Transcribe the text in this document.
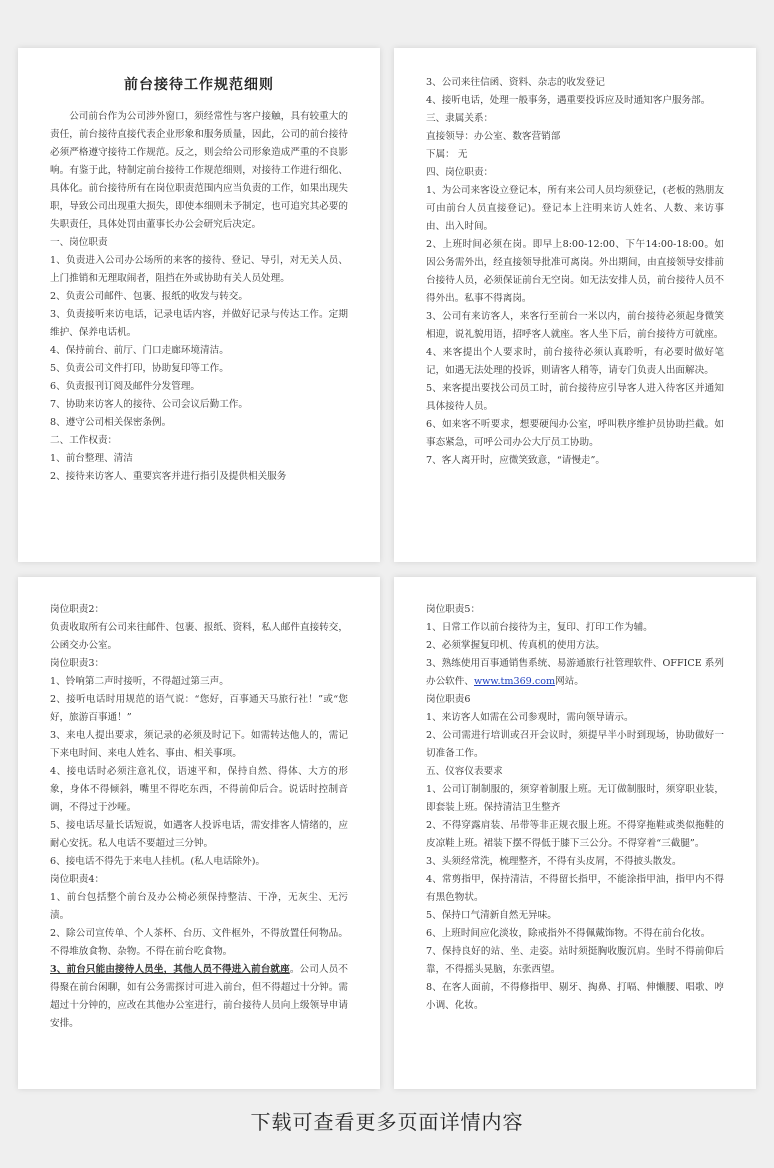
前台接待工作规范细则

公司前台作为公司涉外窗口，须经常性与客户接触，具有较重大的责任，前台接待直接代表企业形象和服务质量，因此，公司的前台接待必须严格遵守接待工作规范。反之，则会给公司形象造成严重的不良影响。有鉴于此，特制定前台接待工作规范细则，对接待工作进行细化、具体化。前台接待所有在岗位职责范围内应当负责的工作，如果出现失职，导致公司出现重大损失，即使本细则未予制定，也可追究其必要的失职责任，具体处罚由董事长办公会研究后决定。

一、岗位职责

1、负责进入公司办公场所的来客的接待、登记、导引，对无关人员、上门推销和无理取闹者，阻挡在外或协助有关人员处理。

2、负责公司邮件、包裹、报纸的收发与转交。

3、负责接听来访电话，记录电话内容，并做好记录与传达工作。定期维护、保养电话机。

4、保持前台、前厅、门口走廊环境清洁。

5、负责公司文件打印，协助复印等工作。

6、负责报刊订阅及邮件分发管理。

7、协助来访客人的接待、公司会议后勤工作。

8、遵守公司相关保密条例。

二、工作权责：

1、前台整理、清洁

2、接待来访客人、重要宾客并进行指引及提供相关服务

3、公司来往信函、资料、杂志的收发登记

4、接听电话，处理一般事务，遇重要投诉应及时通知客户服务部。

三、隶属关系：

直接领导：办公室、数客营销部

下属： 无

四、岗位职责：

1、为公司来客设立登记本，所有来公司人员均须登记，(老板的熟朋友可由前台人员直接登记)。登记本上注明来访人姓名、人数、来访事由、出入时间。

2、上班时间必须在岗。即早上8:00-12:00、下午14:00-18:00。如因公务需外出，经直接领导批准可离岗。外出期间，由直接领导安排前台接待人员，必须保证前台无空岗。如无法安排人员，前台接待人员不得外出。私事不得离岗。

3、公司有来访客人，来客行至前台一米以内，前台接待必须起身微笑相迎，说礼貌用语，招呼客人就座。客人坐下后，前台接待方可就座。

4、来客提出个人要求时，前台接待必须认真聆听，有必要时做好笔记，如遇无法处理的投诉，则请客人稍等，请专门负责人出面解决。

5、来客提出要找公司员工时，前台接待应引导客人进入待客区并通知具体接待人员。

6、如来客不听要求，想要硬闯办公室，呼叫秩序维护员协助拦截。如事态紧急，可呼公司办公大厅员工协助。

7、客人离开时，应微笑致意，“请慢走”。

岗位职责2：

负责收取所有公司来往邮件、包裹、报纸、资料，私人邮件直接转交，公函交办公室。

岗位职责3：

1、铃响第二声时接听，不得超过第三声。

2、接听电话时用规范的语气说：“您好，百事通天马旅行社！”或“您好，旅游百事通！”

3、来电人提出要求，须记录的必须及时记下。如需转达他人的，需记下来电时间、来电人姓名、事由、相关事项。

4、接电话时必须注意礼仪，语速平和，保持自然、得体、大方的形象，身体不得倾斜，嘴里不得吃东西，不得前仰后合。说话时控制音调，不得过于沙哑。

5、接电话尽量长话短说，如遇客人投诉电话，需安排客人情绪的，应耐心安抚。私人电话不要超过三分钟。

6、接电话不得先于来电人挂机。(私人电话除外)。

岗位职责4：

1、前台包括整个前台及办公椅必须保持整洁、干净，无灰尘、无污渍。

2、除公司宣传单、个人茶杯、台历、文件框外，不得放置任何物品。不得堆放食物、杂物。不得在前台吃食物。

3、前台只能由接待人员坐，其他人员不得进入前台就座。公司人员不得聚在前台闲聊，如有公务需探讨可进入前台，但不得超过十分钟。需超过十分钟的，应改在其他办公室进行，前台接待人员向上级领导申请安排。

岗位职责5：

1、日常工作以前台接待为主，复印、打印工作为辅。

2、必须掌握复印机、传真机的使用方法。

3、熟练使用百事通销售系统、易游通旅行社管理软件、OFFICE 系列办公软件、www.tm369.com网站。

岗位职责6

1、来访客人如需在公司参观时，需向领导请示。

2、公司需进行培训或召开会议时，须提早半小时到现场，协助做好一切准备工作。

五、仪容仪表要求

1、公司订制制服的，须穿着制服上班。无订做制服时，须穿职业装，即套装上班。保持清洁卫生整齐

2、不得穿露肩装、吊带等非正规衣服上班。不得穿拖鞋或类似拖鞋的皮凉鞋上班。裙装下摆不得低于膝下三公分。不得穿着“三截腿”。

3、头须经常洗，梳理整齐，不得有头皮屑，不得披头散发。

4、常剪指甲，保持清洁，不得留长指甲，不能涂指甲油，指甲内不得有黑色物状。

5、保持口气清新自然无异味。

6、上班时间应化淡妆，除戒指外不得佩戴饰物。不得在前台化妆。

7、保持良好的站、坐、走姿。站时须挺胸收腹沉肩。坐时不得前仰后靠，不得摇头晃脑，东张西望。

8、在客人面前，不得修指甲、剔牙、掏鼻、打嗝、伸懒腰、唱歌、哼小调、化妆。

下载可查看更多页面详情内容
